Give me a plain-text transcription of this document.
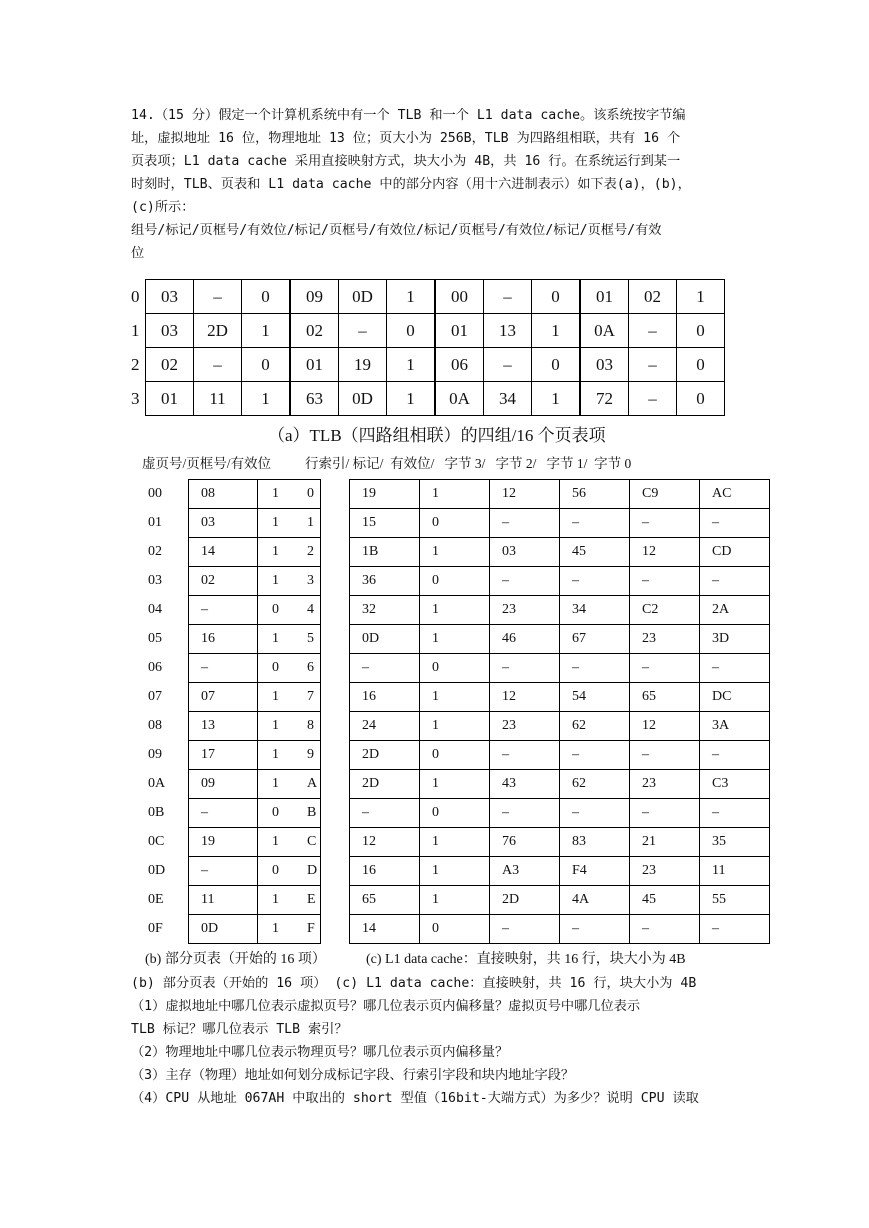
14.（15 分）假定一个计算机系统中有一个 TLB 和一个 L1 data cache。该系统按字节编
址，虚拟地址 16 位，物理地址 13 位；页大小为 256B，TLB 为四路组相联，共有 16 个
页表项；L1 data cache 采用直接映射方式，块大小为 4B，共 16 行。在系统运行到某一
时刻时，TLB、页表和 L1 data cache 中的部分内容（用十六进制表示）如下表(a)，(b)，
(c)所示：
组号/标记/页框号/有效位/标记/页框号/有效位/标记/页框号/有效位/标记/页框号/有效
位
0	03	–	0	09	0D	1	00	–	0	01	02	1
1	03	2D	1	02	–	0	01	13	1	0A	–	0
2	02	–	0	01	19	1	06	–	0	03	–	0
3	01	11	1	63	0D	1	0A	34	1	72	–	0
（a）TLB（四路组相联）的四组/16 个页表项
虚页号/页框号/有效位	行索引/ 标记/  有效位/   字节 3/   字节 2/   字节 1/  字节 0
00	08	1
01	03	1
02	14	1
03	02	1
04	–	0
05	16	1
06	–	0
07	07	1
08	13	1
09	17	1
0A	09	1
0B	–	0
0C	19	1
0D	–	0
0E	11	1
0F	0D	1
0	19	1	12	56	C9	AC
1	15	0	–	–	–	–
2	1B	1	03	45	12	CD
3	36	0	–	–	–	–
4	32	1	23	34	C2	2A
5	0D	1	46	67	23	3D
6	–	0	–	–	–	–
7	16	1	12	54	65	DC
8	24	1	23	62	12	3A
9	2D	0	–	–	–	–
A	2D	1	43	62	23	C3
B	–	0	–	–	–	–
C	12	1	76	83	21	35
D	16	1	A3	F4	23	11
E	65	1	2D	4A	45	55
F	14	0	–	–	–	–
(b) 部分页表（开始的 16 项）	(c) L1 data cache：直接映射，共 16 行，块大小为 4B
(b) 部分页表（开始的 16 项） (c) L1 data cache：直接映射，共 16 行，块大小为 4B
（1）虚拟地址中哪几位表示虚拟页号？哪几位表示页内偏移量？虚拟页号中哪几位表示
TLB 标记？哪几位表示 TLB 索引？
（2）物理地址中哪几位表示物理页号？哪几位表示页内偏移量？
（3）主存（物理）地址如何划分成标记字段、行索引字段和块内地址字段？
（4）CPU 从地址 067AH 中取出的 short 型值（16bit-大端方式）为多少？说明 CPU 读取
